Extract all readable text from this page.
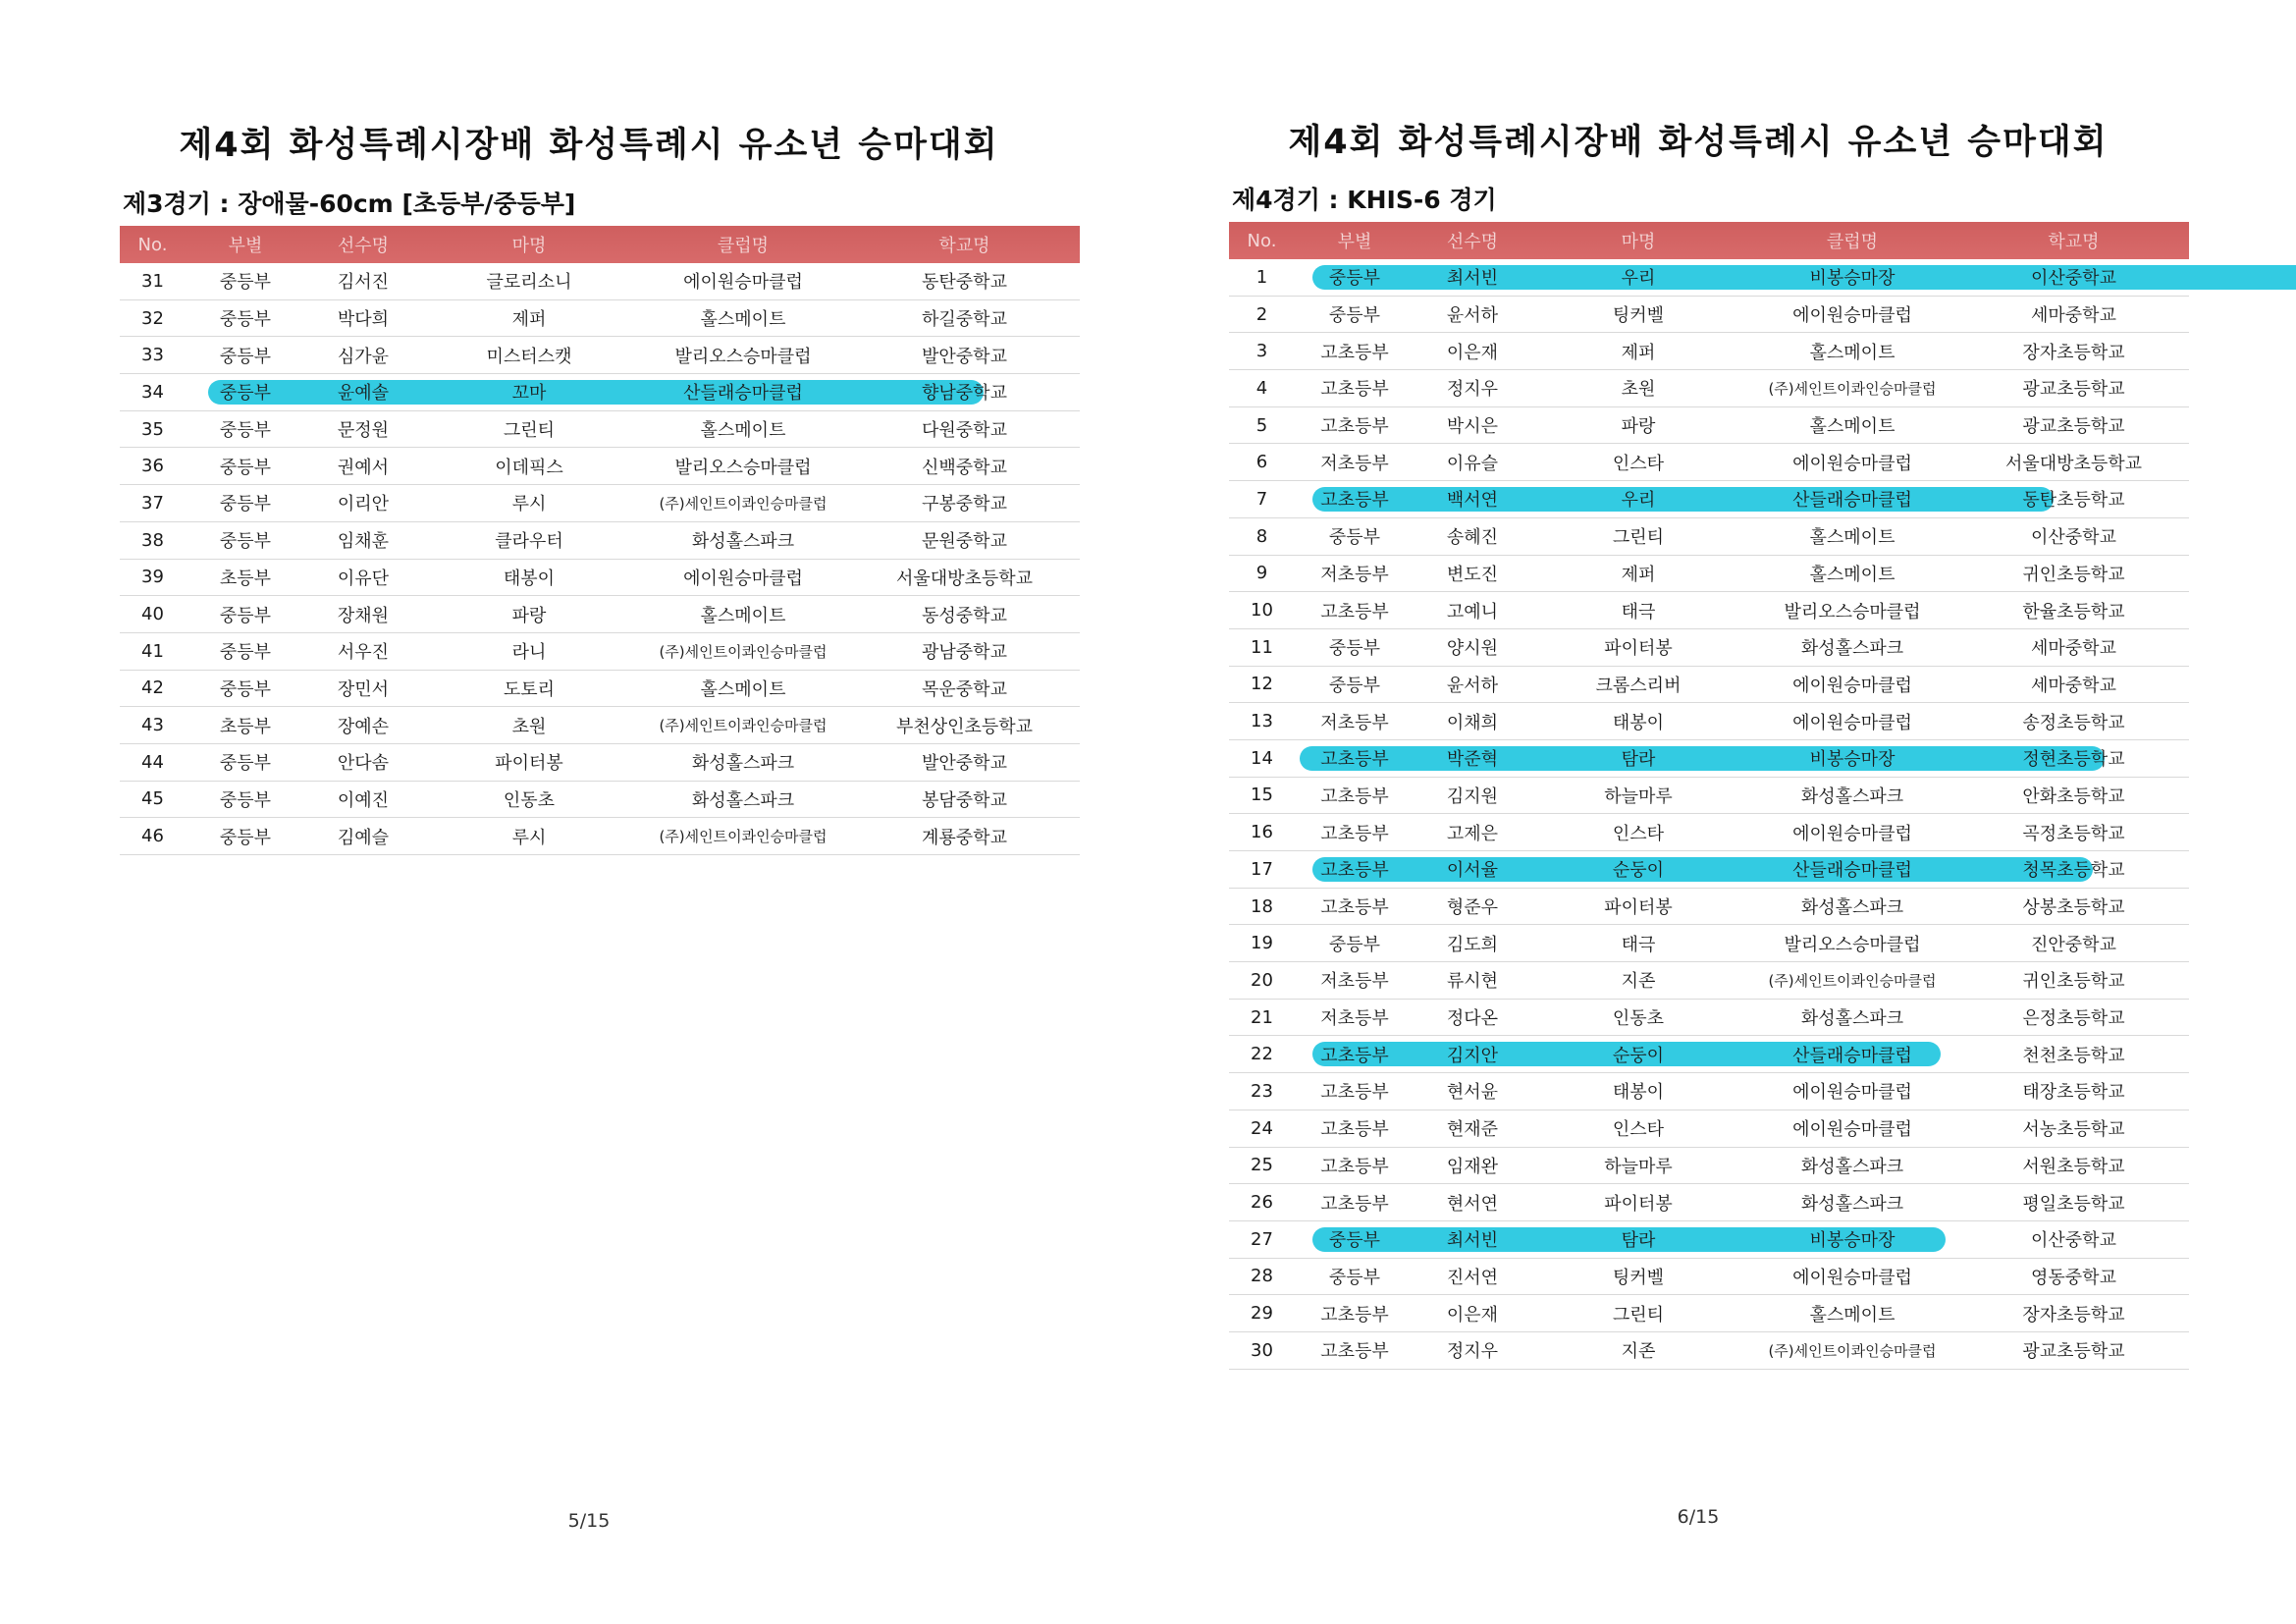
제4회 화성특례시장배 화성특례시 유소년 승마대회
제3경기 : 장애물-60cm [초등부/중등부]
No.	부별	선수명	마명	클럽명	학교명
31	중등부	김서진	글로리소니	에이원승마클럽	동탄중학교
32	중등부	박다희	제퍼	홀스메이트	하길중학교
33	중등부	심가윤	미스터스캣	발리오스승마클럽	발안중학교
34	중등부	윤예솔	꼬마	산들래승마클럽	향남중학교
35	중등부	문정원	그린티	홀스메이트	다원중학교
36	중등부	권예서	이데픽스	발리오스승마클럽	신백중학교
37	중등부	이리안	루시	(주)세인트이콰인승마클럽	구봉중학교
38	중등부	임채훈	클라우터	화성홀스파크	문원중학교
39	초등부	이유단	태봉이	에이원승마클럽	서울대방초등학교
40	중등부	장채원	파랑	홀스메이트	동성중학교
41	중등부	서우진	라니	(주)세인트이콰인승마클럽	광남중학교
42	중등부	장민서	도토리	홀스메이트	목운중학교
43	초등부	장예손	초원	(주)세인트이콰인승마클럽	부천상인초등학교
44	중등부	안다솜	파이터봉	화성홀스파크	발안중학교
45	중등부	이예진	인동초	화성홀스파크	봉담중학교
46	중등부	김예슬	루시	(주)세인트이콰인승마클럽	계룡중학교
5/15
제4회 화성특례시장배 화성특례시 유소년 승마대회
제4경기 : KHIS-6 경기
No.	부별	선수명	마명	클럽명	학교명
1	중등부	최서빈	우리	비봉승마장	이산중학교
2	중등부	윤서하	팅커벨	에이원승마클럽	세마중학교
3	고초등부	이은재	제퍼	홀스메이트	장자초등학교
4	고초등부	정지우	초원	(주)세인트이콰인승마클럽	광교초등학교
5	고초등부	박시은	파랑	홀스메이트	광교초등학교
6	저초등부	이유슬	인스타	에이원승마클럽	서울대방초등학교
7	고초등부	백서연	우리	산들래승마클럽	동탄초등학교
8	중등부	송혜진	그린티	홀스메이트	이산중학교
9	저초등부	변도진	제퍼	홀스메이트	귀인초등학교
10	고초등부	고예니	태극	발리오스승마클럽	한율초등학교
11	중등부	양시원	파이터봉	화성홀스파크	세마중학교
12	중등부	윤서하	크롬스리버	에이원승마클럽	세마중학교
13	저초등부	이채희	태봉이	에이원승마클럽	송정초등학교
14	고초등부	박준혁	탐라	비봉승마장	정현초등학교
15	고초등부	김지원	하늘마루	화성홀스파크	안화초등학교
16	고초등부	고제은	인스타	에이원승마클럽	곡정초등학교
17	고초등부	이서율	순둥이	산들래승마클럽	청목초등학교
18	고초등부	형준우	파이터봉	화성홀스파크	상봉초등학교
19	중등부	김도희	태극	발리오스승마클럽	진안중학교
20	저초등부	류시현	지존	(주)세인트이콰인승마클럽	귀인초등학교
21	저초등부	정다온	인동초	화성홀스파크	은정초등학교
22	고초등부	김지안	순둥이	산들래승마클럽	천천초등학교
23	고초등부	현서윤	태봉이	에이원승마클럽	태장초등학교
24	고초등부	현재준	인스타	에이원승마클럽	서농초등학교
25	고초등부	임재완	하늘마루	화성홀스파크	서원초등학교
26	고초등부	현서연	파이터봉	화성홀스파크	평일초등학교
27	중등부	최서빈	탐라	비봉승마장	이산중학교
28	중등부	진서연	팅커벨	에이원승마클럽	영동중학교
29	고초등부	이은재	그린티	홀스메이트	장자초등학교
30	고초등부	정지우	지존	(주)세인트이콰인승마클럽	광교초등학교
6/15
